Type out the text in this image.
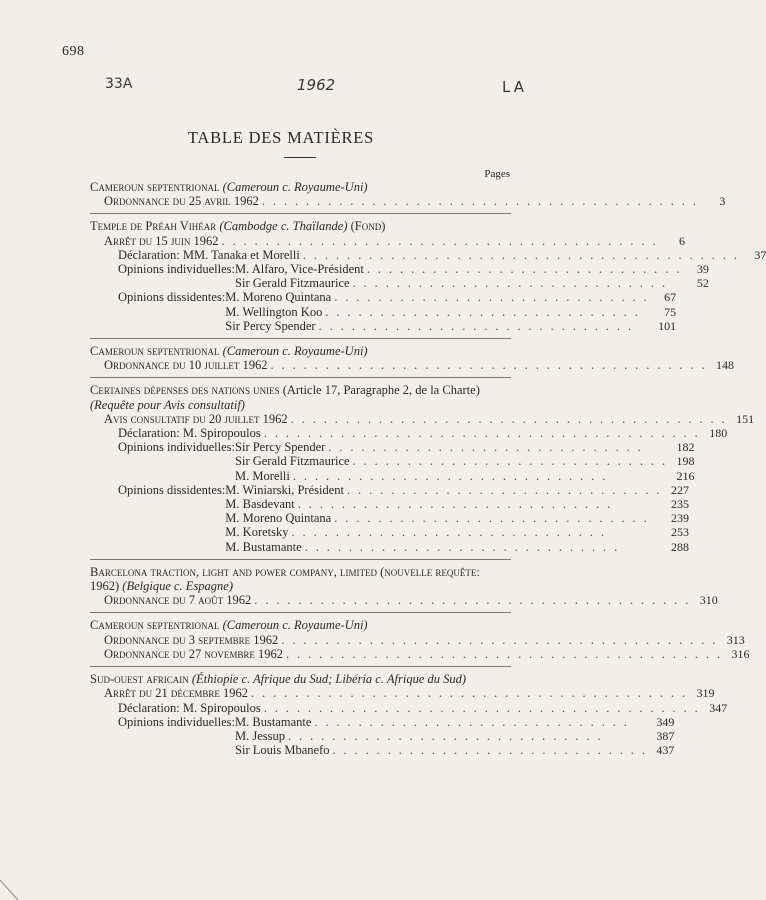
698
33A	1962	LA
TABLE DES MATIÈRES
Pages
Cameroun septentrional (Cameroun c. Royaume-Uni)
Ordonnance du 25 avril 1962 . . . . . . . . . . . . . . . . . . . . . . . . . . . . . . . . . . . . . . . .	3
Temple de Préah Vihéar (Cambodge c. Thaïlande) (Fond)
Arrêt du 15 juin 1962 . . . . . . . . . . . . . . . . . . . . . . . . . . . . . . . . . . . . . . . .	6
Déclaration: MM. Tanaka et Morelli . . . . . . . . . . . . . . . . . . . . . . . . . . . . . . . . . . . . . . . .	37
Opinions individuelles: M. Alfaro, Vice-Président . . . . . . . . . . . . . . . . . . . . . . . . . . . . .	39
Sir Gerald Fitzmaurice . . . . . . . . . . . . . . . . . . . . . . . . . . . . .	52
Opinions dissidentes: M. Moreno Quintana . . . . . . . . . . . . . . . . . . . . . . . . . . . . .	67
M. Wellington Koo . . . . . . . . . . . . . . . . . . . . . . . . . . . . .	75
Sir Percy Spender . . . . . . . . . . . . . . . . . . . . . . . . . . . . .	101
Cameroun septentrional (Cameroun c. Royaume-Uni)
Ordonnance du 10 juillet 1962 . . . . . . . . . . . . . . . . . . . . . . . . . . . . . . . . . . . . . . . . 148
Certaines dépenses des nations unies (Article 17, Paragraphe 2, de la Charte) (Requête pour Avis consultatif)
Avis consultatif du 20 juillet 1962 . . . . . . . . . . . . . . . . . . . . . . . . . . . . . . . . . . . . . . . . 151
Déclaration: M. Spiropoulos . . . . . . . . . . . . . . . . . . . . . . . . . . . . . . . . . . . . . . . . 180
Opinions individuelles: Sir Percy Spender . . . . . . . . . . . . . . . . . . . . . . . . . . . . .	182
Sir Gerald Fitzmaurice . . . . . . . . . . . . . . . . . . . . . . . . . . . . . 198
M. Morelli . . . . . . . . . . . . . . . . . . . . . . . . . . . . .	216
Opinions dissidentes: M. Winiarski, Président . . . . . . . . . . . . . . . . . . . . . . . . . . . . . 227
M. Basdevant . . . . . . . . . . . . . . . . . . . . . . . . . . . . .	235
M. Moreno Quintana . . . . . . . . . . . . . . . . . . . . . . . . . . . . .	239
M. Koretsky . . . . . . . . . . . . . . . . . . . . . . . . . . . . .	253
M. Bustamante . . . . . . . . . . . . . . . . . . . . . . . . . . . . .	288
Barcelona traction, light and power company, limited (nouvelle requête: 1962) (Belgique c. Espagne)
Ordonnance du 7 août 1962 . . . . . . . . . . . . . . . . . . . . . . . . . . . . . . . . . . . . . . . . 310
Cameroun septentrional (Cameroun c. Royaume-Uni)
Ordonnance du 3 septembre 1962 . . . . . . . . . . . . . . . . . . . . . . . . . . . . . . . . . . . . . . . . 313
Ordonnance du 27 novembre 1962 . . . . . . . . . . . . . . . . . . . . . . . . . . . . . . . . . . . . . . . . 316
Sud-ouest africain (Éthiopie c. Afrique du Sud; Libéria c. Afrique du Sud)
Arrêt du 21 décembre 1962 . . . . . . . . . . . . . . . . . . . . . . . . . . . . . . . . . . . . . . . . 319
Déclaration: M. Spiropoulos . . . . . . . . . . . . . . . . . . . . . . . . . . . . . . . . . . . . . . . . 347
Opinions individuelles: M. Bustamante . . . . . . . . . . . . . . . . . . . . . . . . . . . . .	349
M. Jessup . . . . . . . . . . . . . . . . . . . . . . . . . . . . .	387
Sir Louis Mbanefo . . . . . . . . . . . . . . . . . . . . . . . . . . . . . 437
